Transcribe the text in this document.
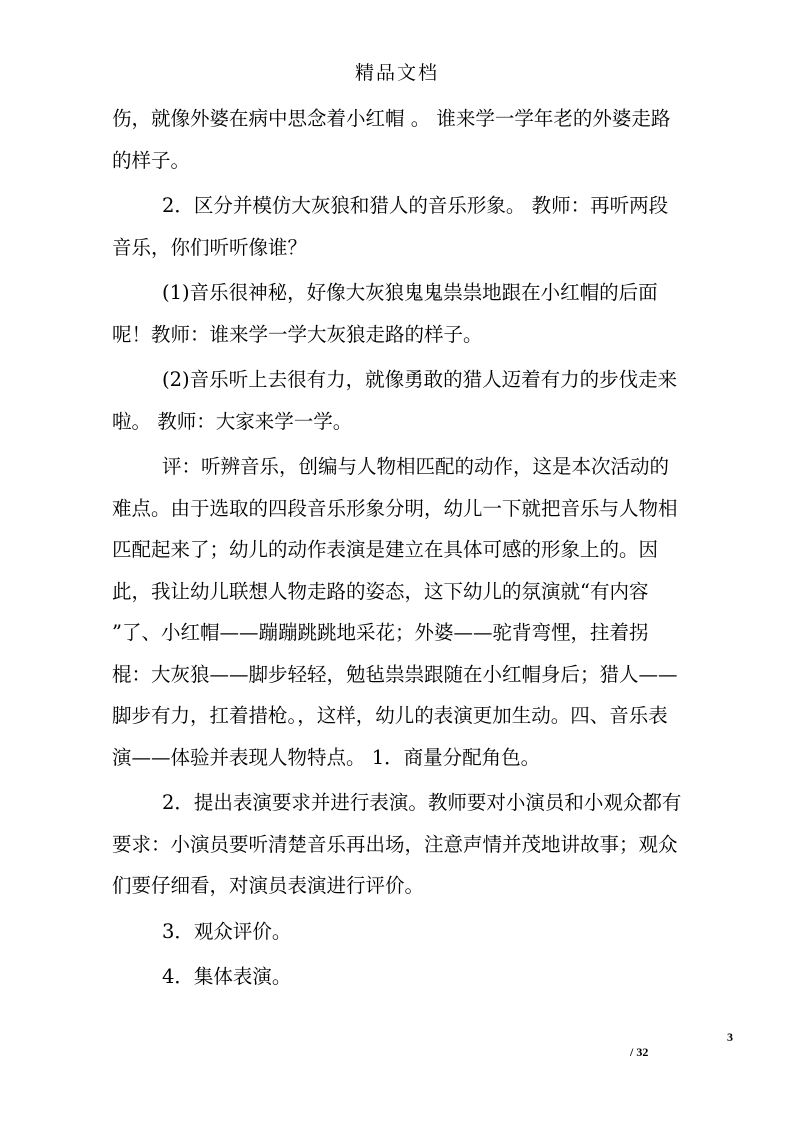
精品文档

伤，就像外婆在病中思念着小红帽 。 谁来学一学年老的外婆走路的样子。

2．区分并模仿大灰狼和猎人的音乐形象。 教师：再听两段音乐，你们听听像谁？

(1)音乐很神秘，好像大灰狼鬼鬼祟祟地跟在小红帽的后面呢！教师：谁来学一学大灰狼走路的样子。

(2)音乐听上去很有力，就像勇敢的猎人迈着有力的步伐走来啦。 教师：大家来学一学。

评：听辨音乐，创编与人物相匹配的动作，这是本次活动的难点。由于选取的四段音乐形象分明，幼儿一下就把音乐与人物相匹配起来了；幼儿的动作表演是建立在具体可感的形象上的。因此，我让幼儿联想人物走路的姿态，这下幼儿的氛演就“有内容 ”了、小红帽——蹦蹦跳跳地采花；外婆——驼背弯悝，拄着拐棍：大灰狼——脚步轻轻，勉毡祟祟跟随在小红帽身后；猎人——脚步有力，扛着措枪。，这样，幼儿的表演更加生动。四、音乐表演——体验并表现人物特点。 1．商量分配角色。

2．提出表演要求并进行表演。教师要对小演员和小观众都有要求：小演员要听清楚音乐再出场，注意声情并茂地讲故事；观众们要仔细看，对演员表演进行评价。

3．观众评价。

4．集体表演。

3
/ 32
